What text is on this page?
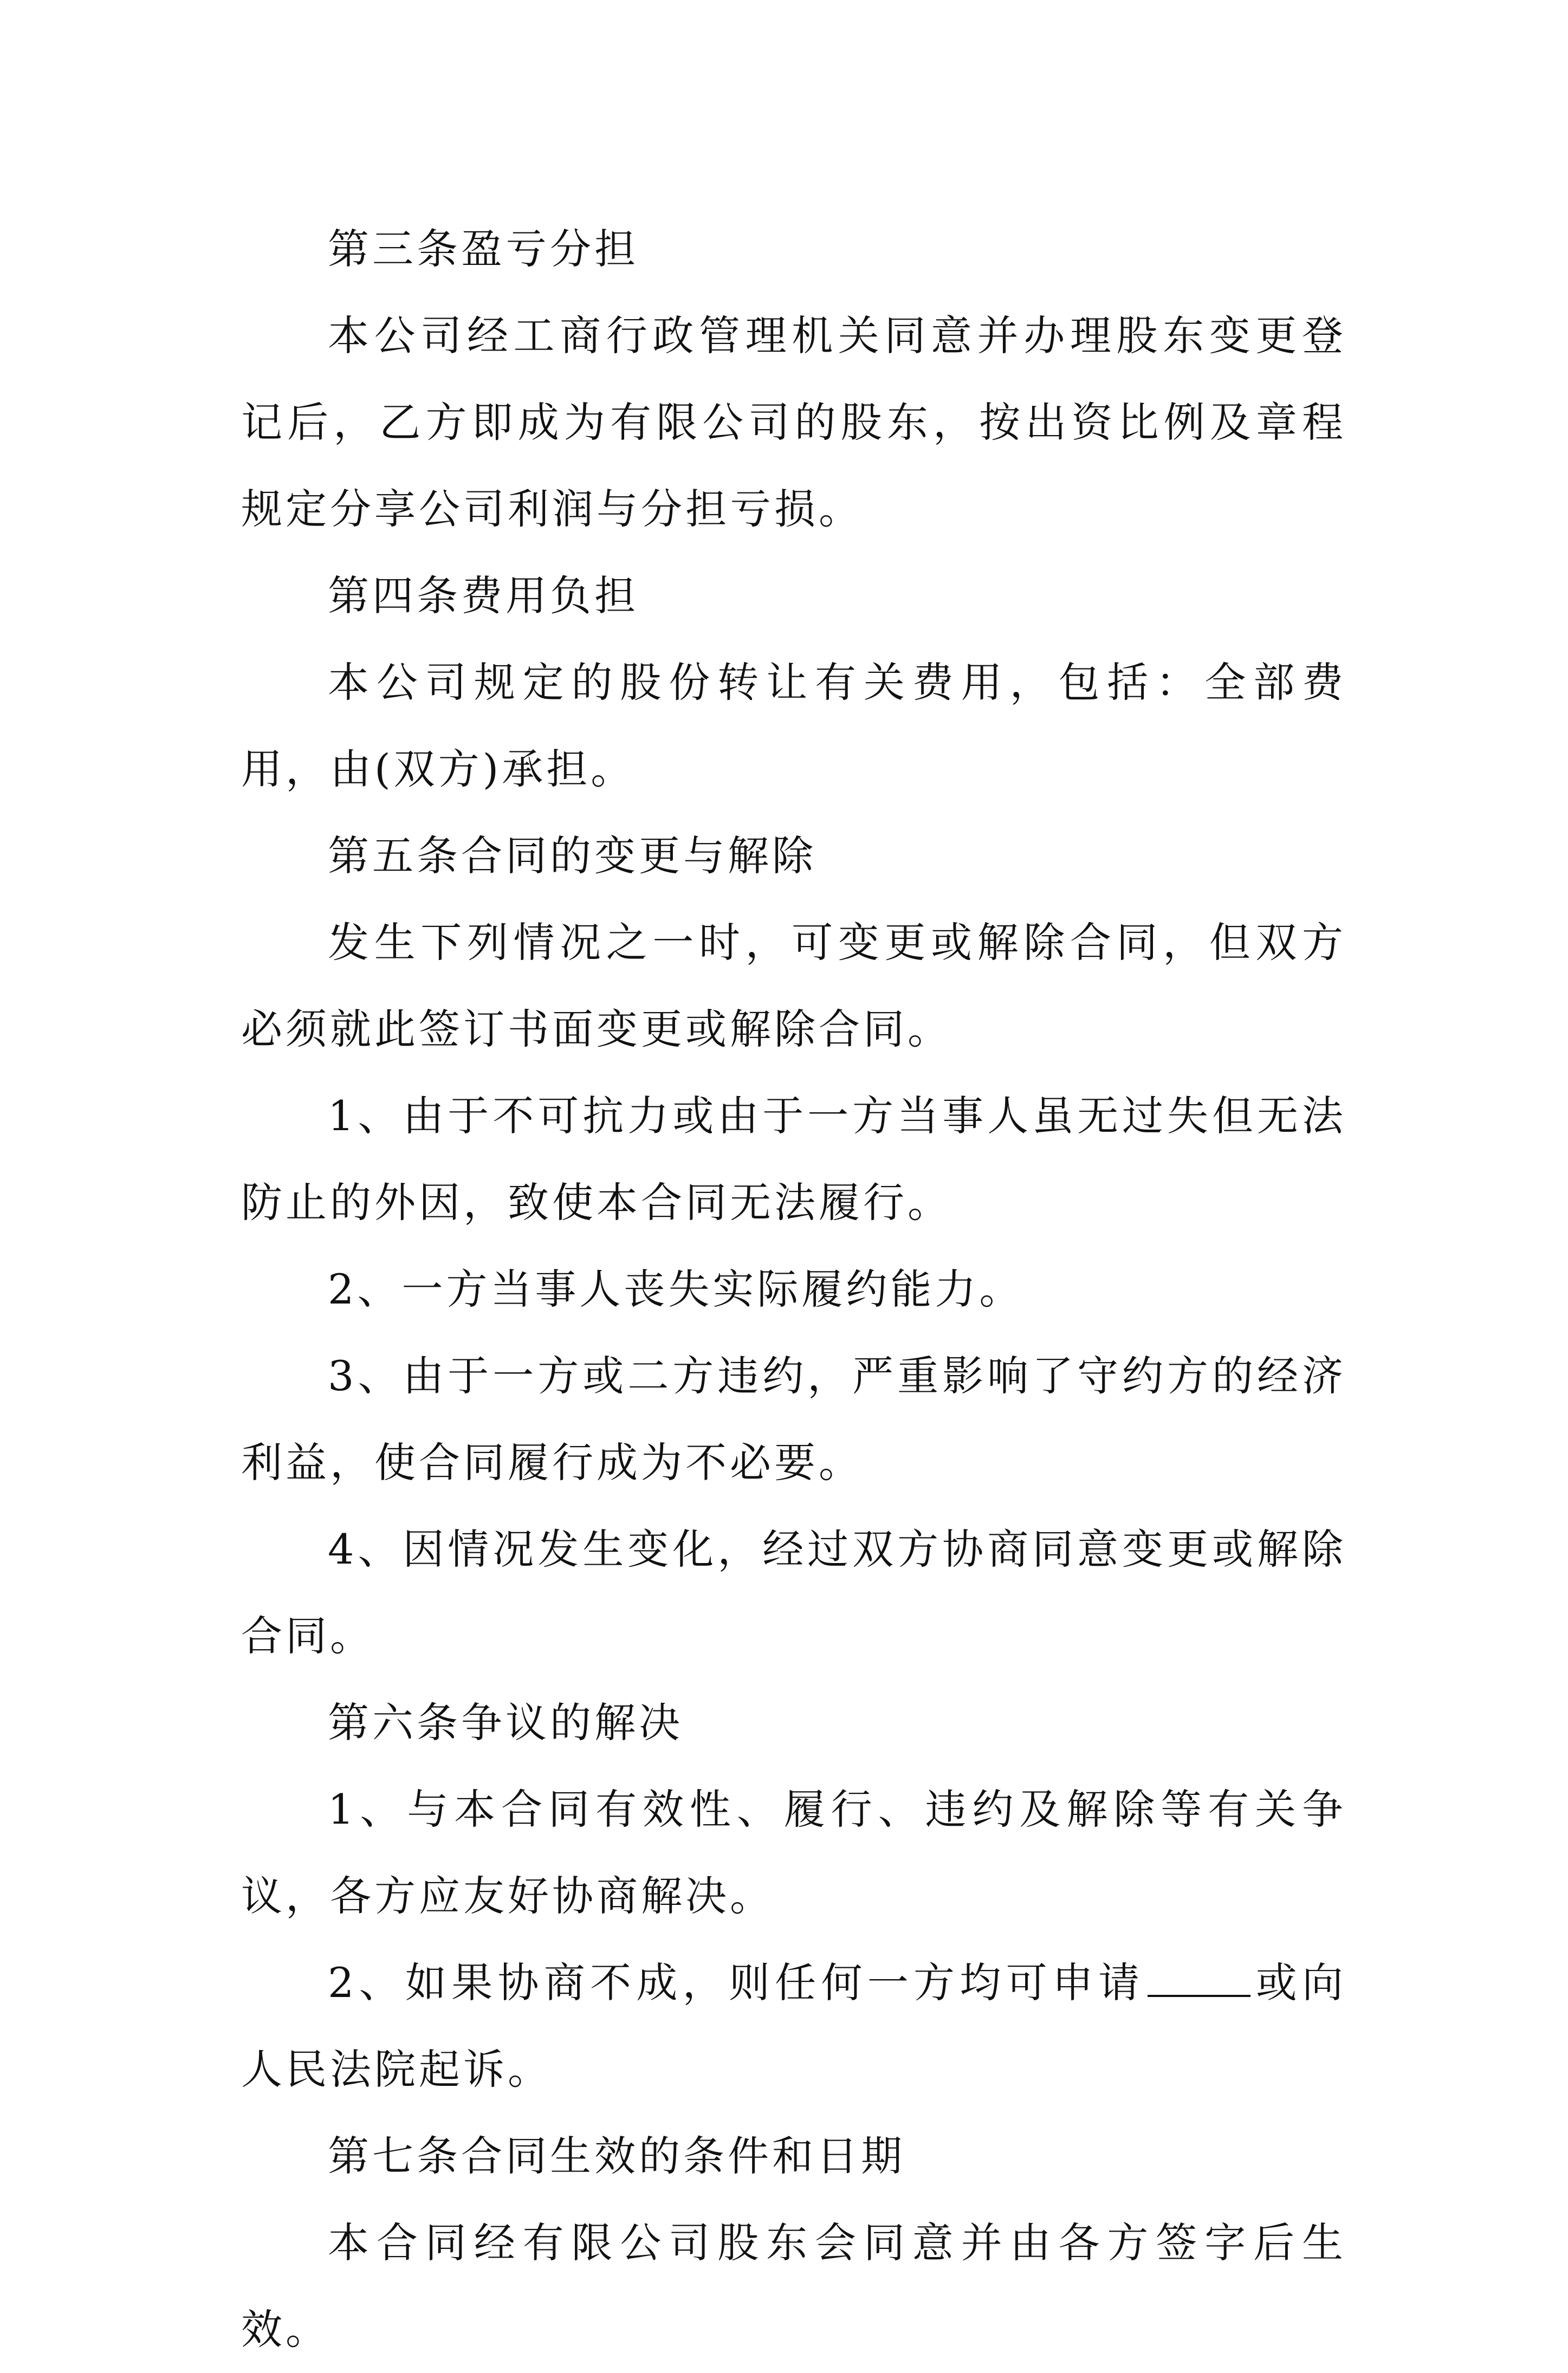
第三条盈亏分担

本公司经工商行政管理机关同意并办理股东变更登记后，乙方即成为有限公司的股东，按出资比例及章程规定分享公司利润与分担亏损。

第四条费用负担

本公司规定的股份转让有关费用，包括：全部费用，由(双方)承担。

第五条合同的变更与解除

发生下列情况之一时，可变更或解除合同，但双方必须就此签订书面变更或解除合同。

1、由于不可抗力或由于一方当事人虽无过失但无法防止的外因，致使本合同无法履行。

2、一方当事人丧失实际履约能力。

3、由于一方或二方违约，严重影响了守约方的经济利益，使合同履行成为不必要。

4、因情况发生变化，经过双方协商同意变更或解除合同。

第六条争议的解决

1、与本合同有效性、履行、违约及解除等有关争议，各方应友好协商解决。

2、如果协商不成，则任何一方均可申请	或向人民法院起诉。

第七条合同生效的条件和日期

本合同经有限公司股东会同意并由各方签字后生效。
